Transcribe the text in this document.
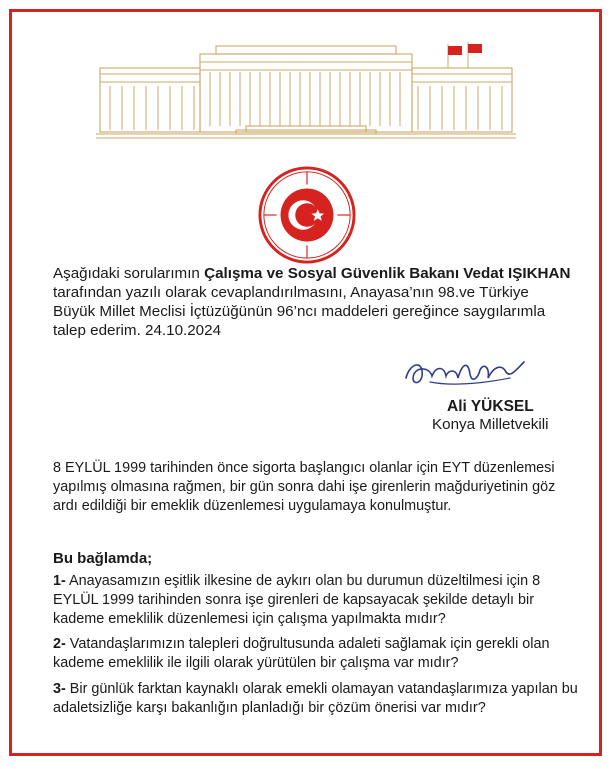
Aşağıdaki sorularımın Çalışma ve Sosyal Güvenlik Bakanı Vedat IŞIKHAN tarafından yazılı olarak cevaplandırılmasını, Anayasa’nın 98.ve Türkiye Büyük Millet Meclisi İçtüzüğünün 96’ncı maddeleri gereğince saygılarımla talep ederim. 24.10.2024
Ali YÜKSEL
Konya Milletvekili
8 EYLÜL 1999 tarihinden önce sigorta başlangıcı olanlar için EYT düzenlemesi yapılmış olmasına rağmen, bir gün sonra dahi işe girenlerin mağduriyetinin göz ardı edildiği bir emeklik düzenlemesi uygulamaya konulmuştur.
Bu bağlamda;
1- Anayasamızın eşitlik ilkesine de aykırı olan bu durumun düzeltilmesi için 8 EYLÜL 1999 tarihinden sonra işe girenleri de kapsayacak şekilde detaylı bir kademe emeklilik düzenlemesi için çalışma yapılmakta mıdır?
2- Vatandaşlarımızın talepleri doğrultusunda adaleti sağlamak için gerekli olan kademe emeklilik ile ilgili olarak yürütülen bir çalışma var mıdır?
3- Bir günlük farktan kaynaklı olarak emekli olamayan vatandaşlarımıza yapılan bu adaletsizliğe karşı bakanlığın planladığı bir çözüm önerisi var mıdır?
